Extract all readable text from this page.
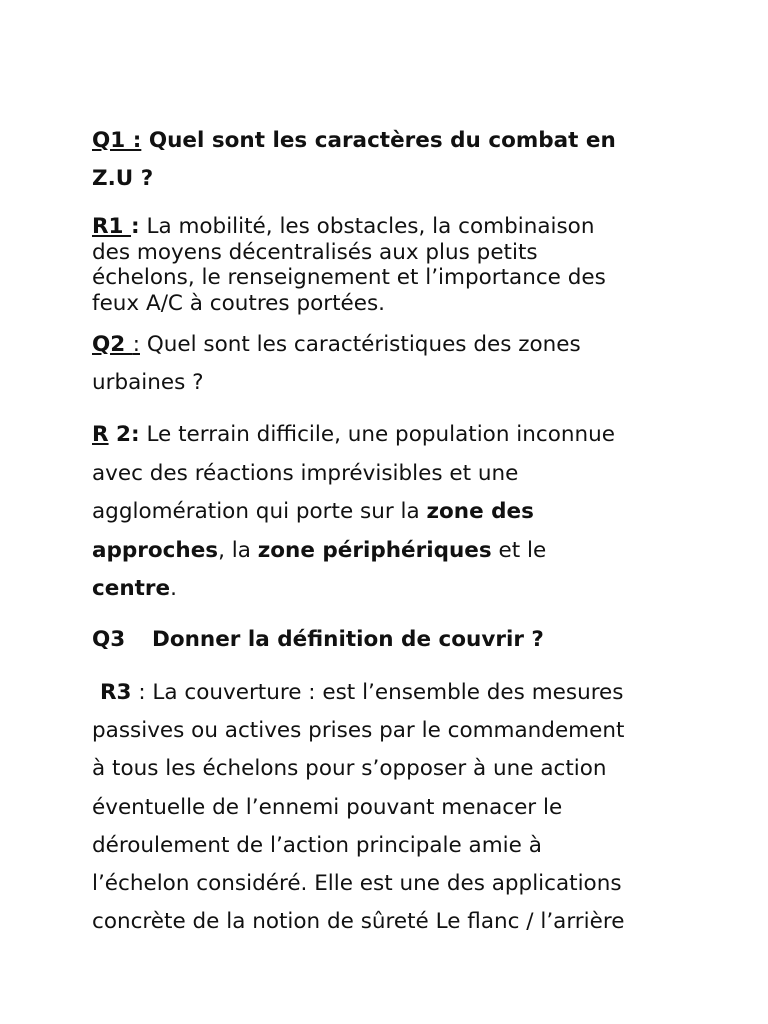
Q1 : Quel sont les caractères du combat en
Z.U ?
R1 : La mobilité, les obstacles, la combinaison
des moyens décentralisés aux plus petits
échelons, le renseignement et l’importance des
feux A/C à coutres portées.
Q2 : Quel sont les caractéristiques des zones
urbaines ?
R 2: Le terrain difficile, une population inconnue
avec des réactions imprévisibles et une
agglomération qui porte sur la zone des
approches, la zone périphériques et le
centre.
Q3 Donner la définition de couvrir ?
R3 : La couverture : est l’ensemble des mesures
passives ou actives prises par le commandement
à tous les échelons pour s’opposer à une action
éventuelle de l’ennemi pouvant menacer le
déroulement de l’action principale amie à
l’échelon considéré. Elle est une des applications
concrète de la notion de sûreté Le flanc / l’arrière
